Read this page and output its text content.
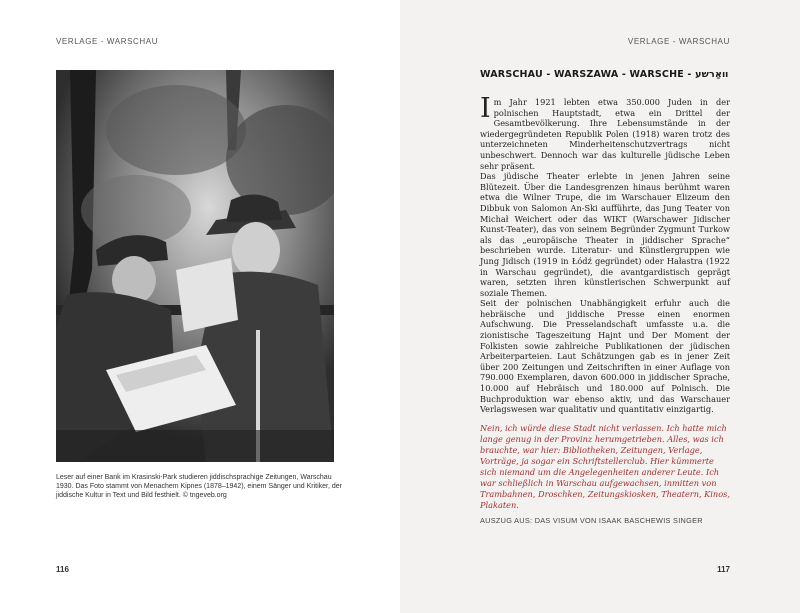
VERLAGE - WARSCHAU
Leser auf einer Bank im Krasinski-Park studieren jiddischsprachige Zeitungen, Warschau 1930. Das Foto stammt von Menachem Kipnes (1878–1942), einem Sänger und Kritiker, der jiddische Kultur in Text und Bild festhielt. © tngeveb.org
116
VERLAGE - WARSCHAU
WARSCHAU - WARSZAWA - WARSCHE - װאַרשע

Im Jahr 1921 lebten etwa 350.000 Juden in der polnischen Hauptstadt, etwa ein Drittel der Gesamtbevölkerung. Ihre Lebensumstände in der wiedergegründeten Republik Polen (1918) waren trotz des unterzeichneten Minderheitenschutzvertrags nicht unbeschwert. Dennoch war das kulturelle jüdische Leben sehr präsent.

Das jüdische Theater erlebte in jenen Jahren seine Blütezeit. Über die Landesgrenzen hinaus berühmt waren etwa die Wilner Trupe, die im Warschauer Elizeum den Dibbuk von Salomon An-Ski aufführte, das Jung Teater von Michał Weichert oder das WIKT (Warschawer Jidischer Kunst-Teater), das von seinem Begründer Zygmunt Turkow als das „europäische Theater in jiddischer Sprache“ beschrieben wurde. Literatur- und Künstlergruppen wie Jung Jidisch (1919 in Łódź gegründet) oder Hałastra (1922 in Warschau gegründet), die avantgardistisch geprägt waren, setzten ihren künstlerischen Schwerpunkt auf soziale Themen.

Seit der polnischen Unabhängigkeit erfuhr auch die hebräische und jiddische Presse einen enormen Aufschwung. Die Presselandschaft umfasste u.a. die zionistische Tageszeitung Hajnt und Der Moment der Folkisten sowie zahlreiche Publikationen der jüdischen Arbeiterparteien. Laut Schätzungen gab es in jener Zeit über 200 Zeitungen und Zeitschriften in einer Auflage von 790.000 Exemplaren, davon 600.000 in jiddischer Sprache, 10.000 auf Hebräisch und 180.000 auf Polnisch. Die Buchproduktion war ebenso aktiv, und das Warschauer Verlagswesen war qualitativ und quantitativ einzigartig.

Nein, ich würde diese Stadt nicht verlassen. Ich hatte mich lange genug in der Provinz herumgetrieben. Alles, was ich brauchte, war hier: Bibliotheken, Zeitungen, Verlage, Vorträge, ja sogar ein Schriftstellerclub. Hier kümmerte sich niemand um die Angelegenheiten anderer Leute. Ich war schließlich in Warschau aufgewachsen, inmitten von Trambahnen, Droschken, Zeitungskiosken, Theatern, Kinos, Plakaten.
AUSZUG AUS: DAS VISUM VON ISAAK BASCHEWIS SINGER
117
